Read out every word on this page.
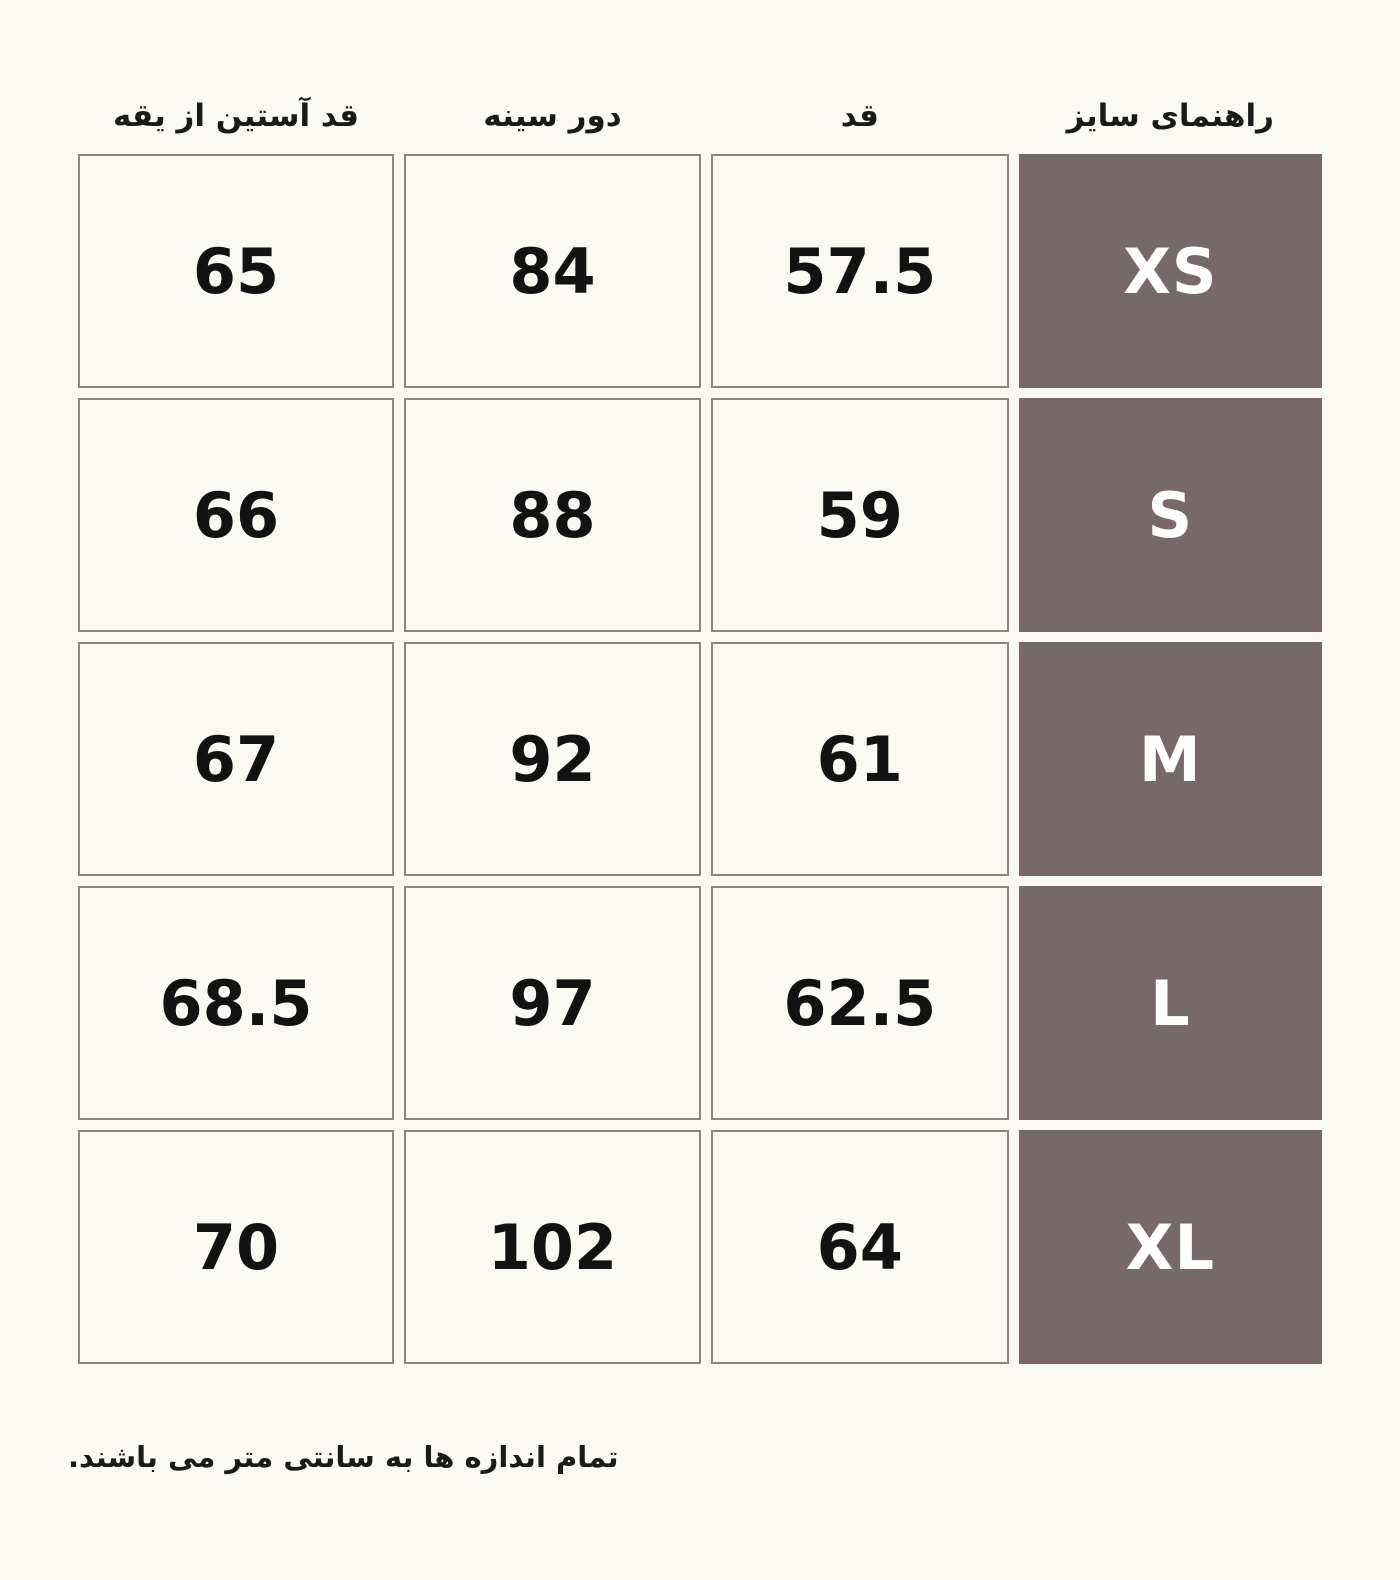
راهنمای سایز	قد	دور سینه	قد آستین از یقه
XS	57.5	84	65
S	59	88	66
M	61	92	67
L	62.5	97	68.5
XL	64	102	70
تمام اندازه ها به سانتی متر می باشند.
